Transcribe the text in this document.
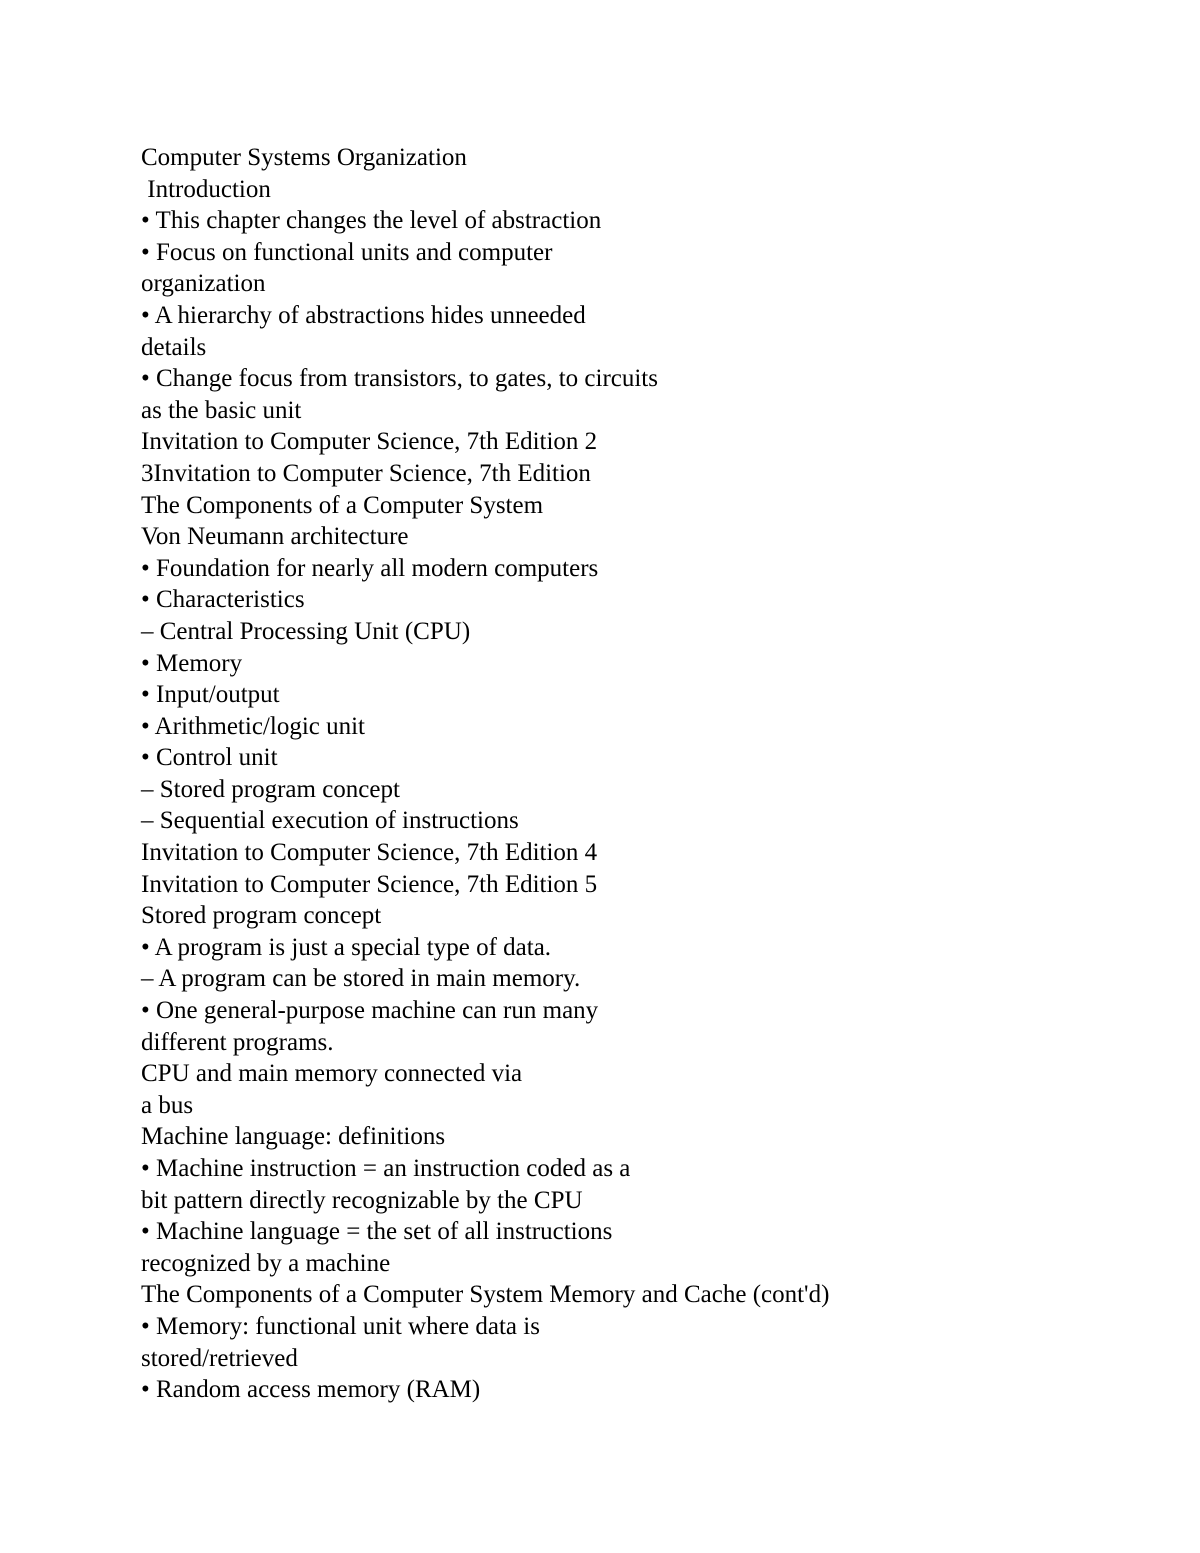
Computer Systems Organization
Introduction
• This chapter changes the level of abstraction
• Focus on functional units and computer
organization
• A hierarchy of abstractions hides unneeded
details
• Change focus from transistors, to gates, to circuits
as the basic unit
Invitation to Computer Science, 7th Edition 2
3Invitation to Computer Science, 7th Edition
The Components of a Computer System
Von Neumann architecture
• Foundation for nearly all modern computers
• Characteristics
– Central Processing Unit (CPU)
• Memory
• Input/output
• Arithmetic/logic unit
• Control unit
– Stored program concept
– Sequential execution of instructions
Invitation to Computer Science, 7th Edition 4
Invitation to Computer Science, 7th Edition 5
Stored program concept
• A program is just a special type of data.
– A program can be stored in main memory.
• One general-purpose machine can run many
different programs.
CPU and main memory connected via
a bus
Machine language: definitions
• Machine instruction = an instruction coded as a
bit pattern directly recognizable by the CPU
• Machine language = the set of all instructions
recognized by a machine
The Components of a Computer System Memory and Cache (cont'd)
• Memory: functional unit where data is
stored/retrieved
• Random access memory (RAM)
